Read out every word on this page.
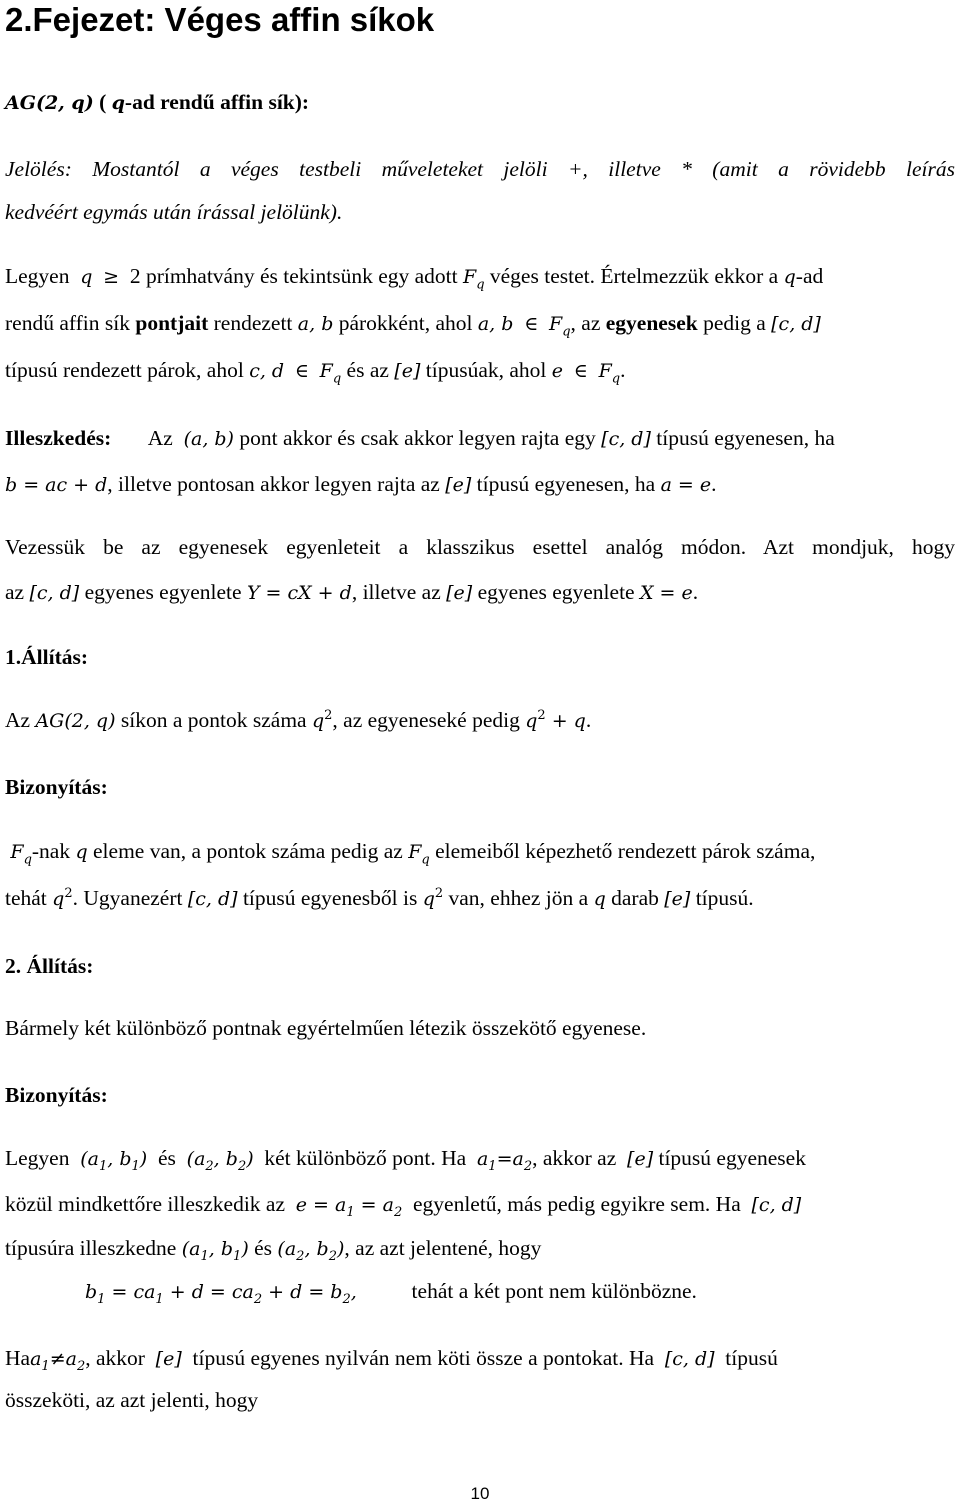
2.Fejezet: Véges affin síkok
AG(2, q) ( q-ad rendű affin sík):
Jelölés: Mostantól a véges testbeli műveleteket jelöli +, illetve * (amit a rövidebb leírás
kedvéért egymás után írással jelölünk).
Legyen q ≥ 2 prímhatvány és tekintsünk egy adott $F_q$ véges testet. Értelmezzük ekkor a q-ad
rendű affin sík pontjait rendezett a, b párokként, ahol a, b ∈ $F_q$, az egyenesek pedig a [c, d]
típusú rendezett párok, ahol c, d ∈ $F_q$ és az [e] típusúak, ahol e ∈ $F_q$.
Illeszkedés: Az (a, b) pont akkor és csak akkor legyen rajta egy [c, d] típusú egyenesen, ha
b = ac + d, illetve pontosan akkor legyen rajta az [e] típusú egyenesen, ha a = e.
Vezessük be az egyenesek egyenleteit a klasszikus esettel analóg módon. Azt mondjuk, hogy
az [c, d] egyenes egyenlete Y = cX + d, illetve az [e] egyenes egyenlete X = e.
1.Állítás:
Az AG(2, q) síkon a pontok száma $q^2$, az egyeneseké pedig $q^2 + q$.
Bizonyítás:
$F_q$-nak q eleme van, a pontok száma pedig az $F_q$ elemeiből képezhető rendezett párok száma,
tehát $q^2$. Ugyanezért [c, d] típusú egyenesből is $q^2$ van, ehhez jön a q darab [e] típusú.
2. Állítás:
Bármely két különböző pontnak egyértelműen létezik összekötő egyenese.
Bizonyítás:
Legyen ($a_1$, $b_1$) és ($a_2$, $b_2$) két különböző pont. Ha $a_1=a_2$, akkor az [e] típusú egyenesek
közül mindkettőre illeszkedik az $e = a_1 = a_2$ egyenletű, más pedig egyikre sem. Ha [c, d]
típusúra illeszkedne ($a_1$, $b_1$) és ($a_2$, $b_2$), az azt jelentené, hogy
$b_1 = ca_1 + d = ca_2 + d = b_2$,	tehát a két pont nem különbözne.
$Haa_1\ne a_2$, akkor [e] típusú egyenes nyilván nem köti össze a pontokat. Ha [c, d] típusú
összeköti, az azt jelenti, hogy
10
